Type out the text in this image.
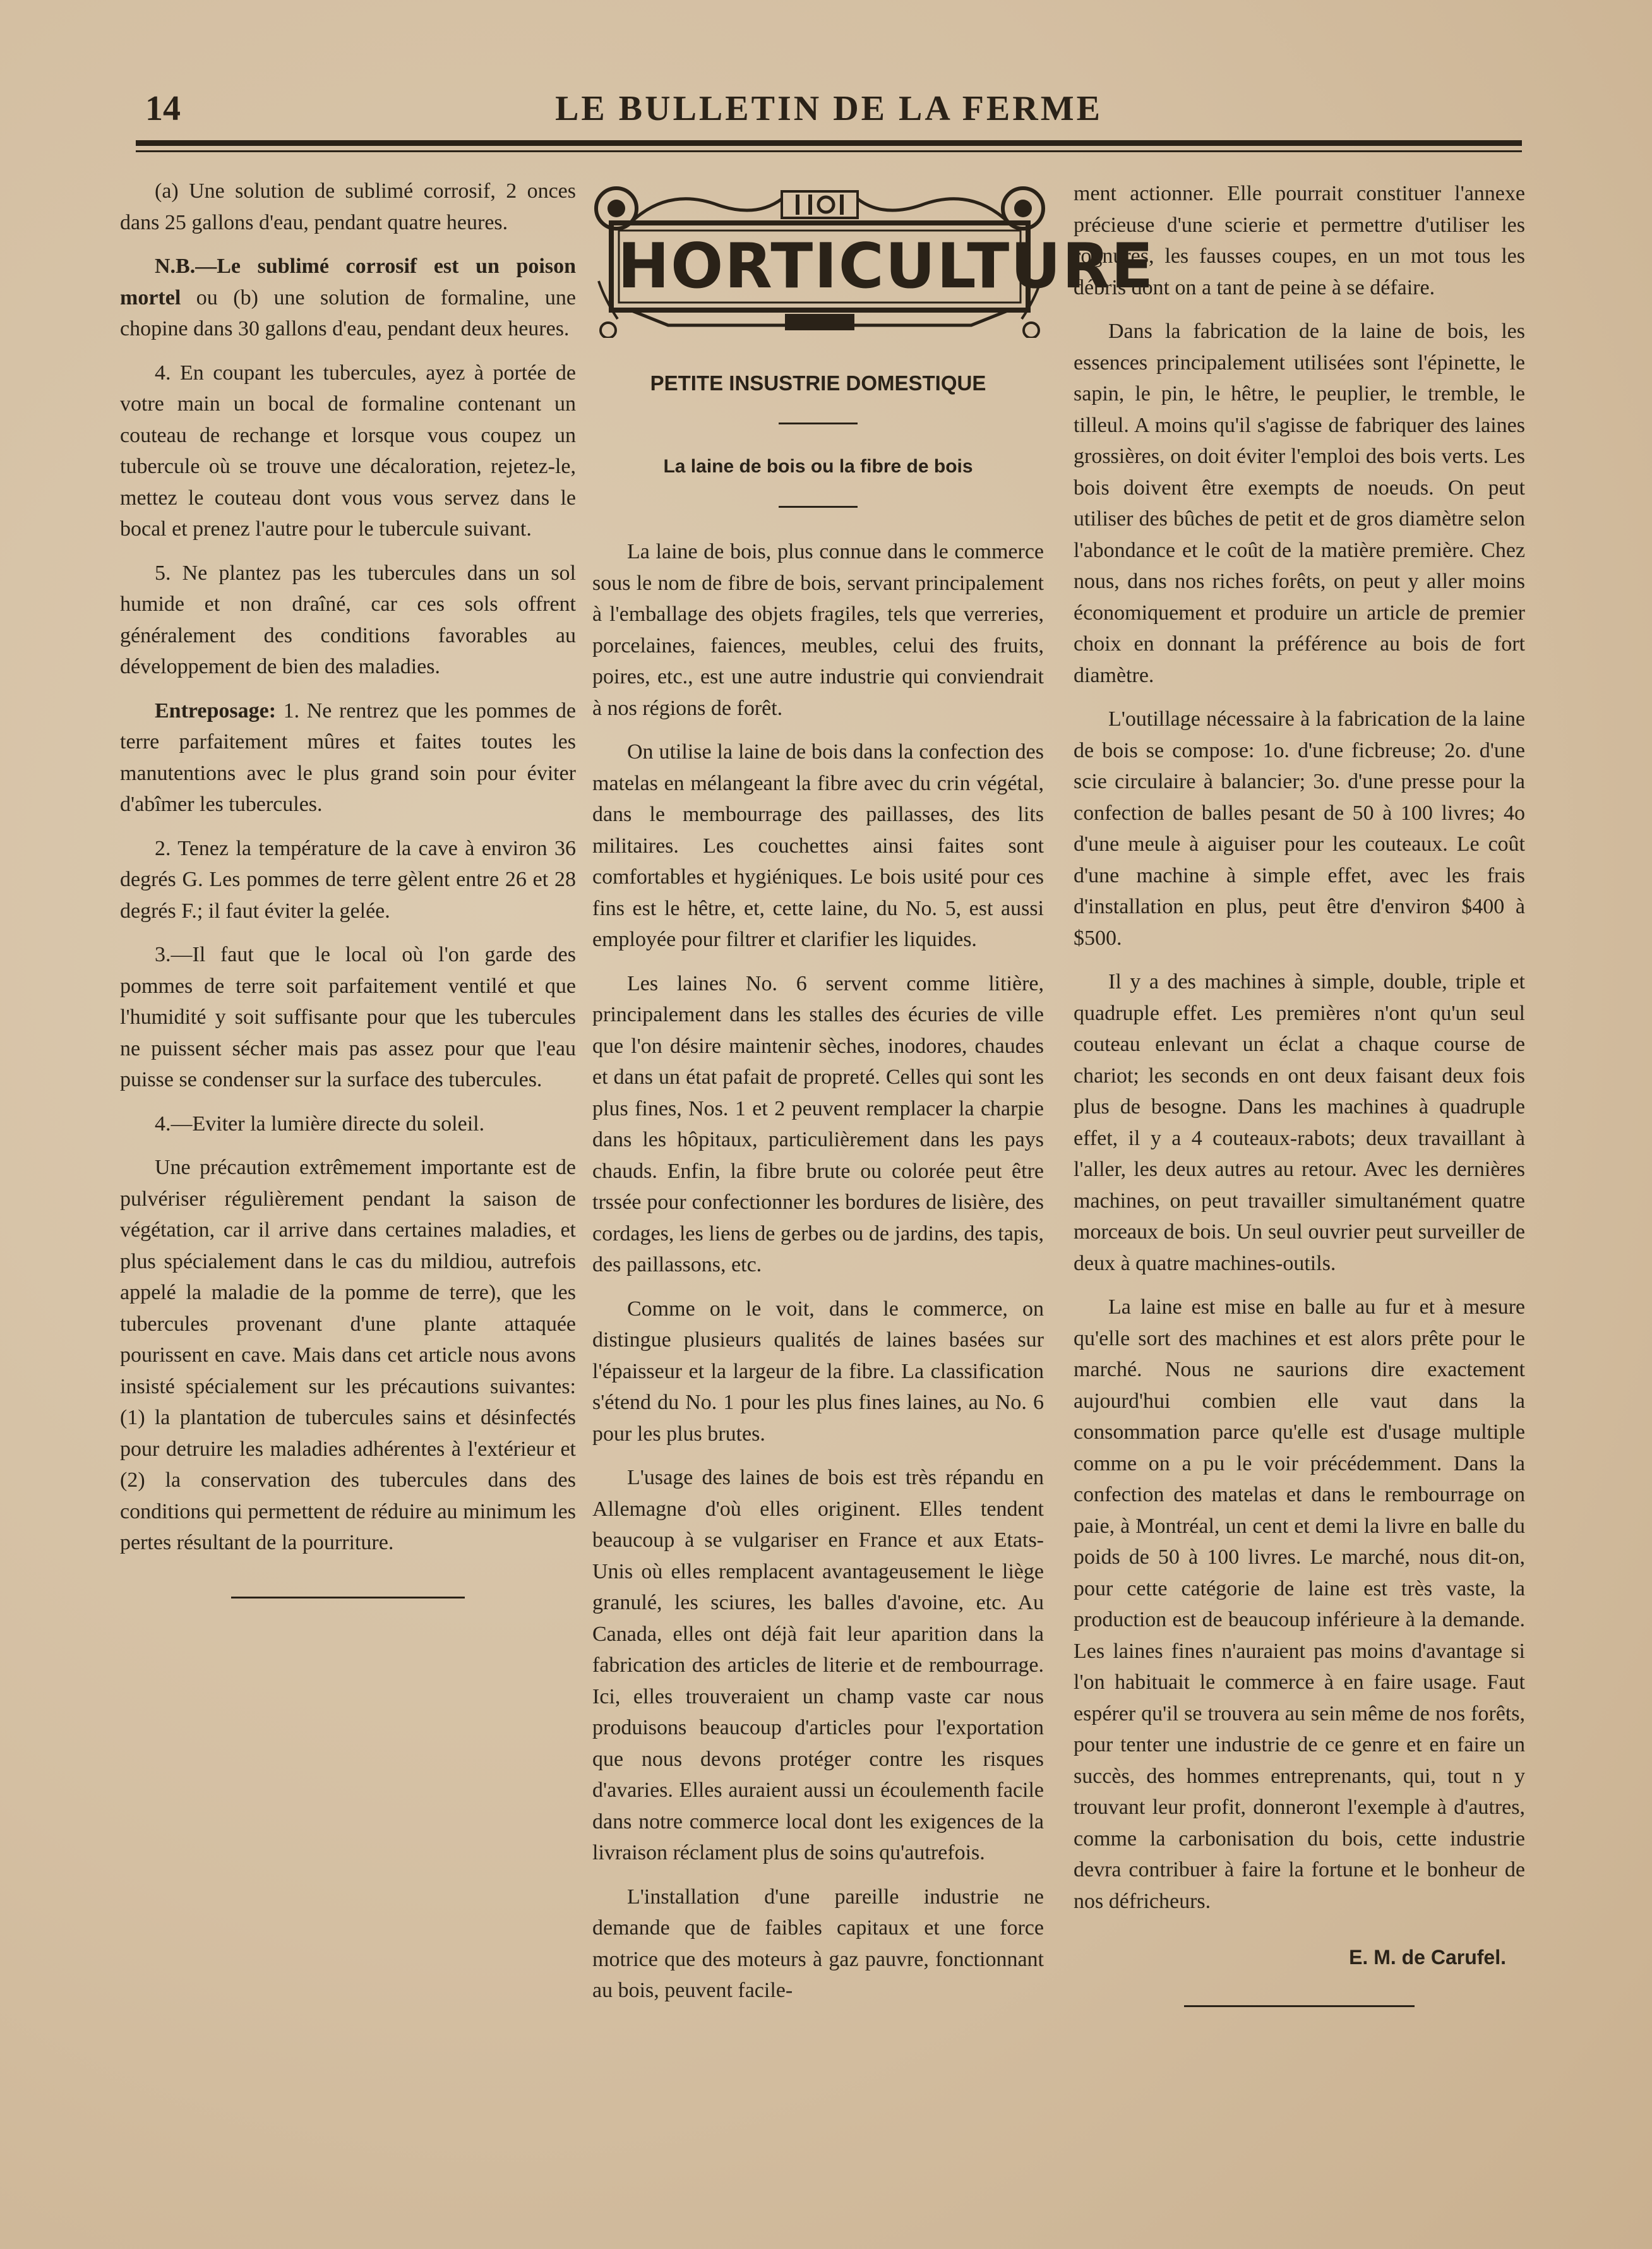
14	LE BULLETIN DE LA FERME

(a) Une solution de sublimé corrosif, 2 onces dans 25 gallons d'eau, pendant quatre heures.

N.B.—Le sublimé corrosif est un poison mortel ou (b) une solution de formaline, une chopine dans 30 gallons d'eau, pendant deux heures.

4. En coupant les tubercules, ayez à portée de votre main un bocal de formaline contenant un couteau de rechange et lorsque vous coupez un tubercule où se trouve une décaloration, rejetez-le, mettez le couteau dont vous vous servez dans le bocal et prenez l'autre pour le tubercule suivant.

5. Ne plantez pas les tubercules dans un sol humide et non draîné, car ces sols offrent généralement des conditions favorables au développement de bien des maladies.

Entreposage: 1. Ne rentrez que les pommes de terre parfaitement mûres et faites toutes les manutentions avec le plus grand soin pour éviter d'abîmer les tubercules.

2. Tenez la température de la cave à environ 36 degrés G. Les pommes de terre gèlent entre 26 et 28 degrés F.; il faut éviter la gelée.

3.—Il faut que le local où l'on garde des pommes de terre soit parfaitement ventilé et que l'humidité y soit suffisante pour que les tubercules ne puissent sécher mais pas assez pour que l'eau puisse se condenser sur la surface des tubercules.

4.—Eviter la lumière directe du soleil.

Une précaution extrêmement importante est de pulvériser régulièrement pendant la saison de végétation, car il arrive dans certaines maladies, et plus spécialement dans le cas du mildiou, autrefois appelé la maladie de la pomme de terre), que les tubercules provenant d'une plante attaquée pourissent en cave. Mais dans cet article nous avons insisté spécialement sur les précautions suivantes: (1) la plantation de tubercules sains et désinfectés pour detruire les maladies adhérentes à l'extérieur et (2) la conservation des tubercules dans des conditions qui permettent de réduire au minimum les pertes résultant de la pourriture.

HORTICULTURE
PETITE INSUSTRIE DOMESTIQUE
La laine de bois ou la fibre de bois

La laine de bois, plus connue dans le commerce sous le nom de fibre de bois, servant principalement à l'emballage des objets fragiles, tels que verreries, porcelaines, faiences, meubles, celui des fruits, poires, etc., est une autre industrie qui conviendrait à nos régions de forêt.

On utilise la laine de bois dans la confection des matelas en mélangeant la fibre avec du crin végétal, dans le membourrage des paillasses, des lits militaires. Les couchettes ainsi faites sont comfortables et hygiéniques. Le bois usité pour ces fins est le hêtre, et, cette laine, du No. 5, est aussi employée pour filtrer et clarifier les liquides.

Les laines No. 6 servent comme litière, principalement dans les stalles des écuries de ville que l'on désire maintenir sèches, inodores, chaudes et dans un état pafait de propreté. Celles qui sont les plus fines, Nos. 1 et 2 peuvent remplacer la charpie dans les hôpitaux, particulièrement dans les pays chauds. Enfin, la fibre brute ou colorée peut être trssée pour confectionner les bordures de lisière, des cordages, les liens de gerbes ou de jardins, des tapis, des paillassons, etc.

Comme on le voit, dans le commerce, on distingue plusieurs qualités de laines basées sur l'épaisseur et la largeur de la fibre. La classification s'étend du No. 1 pour les plus fines laines, au No. 6 pour les plus brutes.

L'usage des laines de bois est très répandu en Allemagne d'où elles originent. Elles tendent beaucoup à se vulgariser en France et aux Etats-Unis où elles remplacent avantageusement le liège granulé, les sciures, les balles d'avoine, etc. Au Canada, elles ont déjà fait leur aparition dans la fabrication des articles de literie et de rembourrage. Ici, elles trouveraient un champ vaste car nous produisons beaucoup d'articles pour l'exportation que nous devons protéger contre les risques d'avaries. Elles auraient aussi un écoulementh facile dans notre commerce local dont les exigences de la livraison réclament plus de soins qu'autrefois.

L'installation d'une pareille industrie ne demande que de faibles capitaux et une force motrice que des moteurs à gaz pauvre, fonctionnant au bois, peuvent facile-

ment actionner. Elle pourrait constituer l'annexe précieuse d'une scierie et permettre d'utiliser les rognures, les fausses coupes, en un mot tous les débris dont on a tant de peine à se défaire.

Dans la fabrication de la laine de bois, les essences principalement utilisées sont l'épinette, le sapin, le pin, le hêtre, le peuplier, le tremble, le tilleul. A moins qu'il s'agisse de fabriquer des laines grossières, on doit éviter l'emploi des bois verts. Les bois doivent être exempts de noeuds. On peut utiliser des bûches de petit et de gros diamètre selon l'abondance et le coût de la matière première. Chez nous, dans nos riches forêts, on peut y aller moins économiquement et produire un article de premier choix en donnant la préférence au bois de fort diamètre.

L'outillage nécessaire à la fabrication de la laine de bois se compose: 1o. d'une ficbreuse; 2o. d'une scie circulaire à balancier; 3o. d'une presse pour la confection de balles pesant de 50 à 100 livres; 4o d'une meule à aiguiser pour les couteaux. Le coût d'une machine à simple effet, avec les frais d'installation en plus, peut être d'environ $400 à $500.

Il y a des machines à simple, double, triple et quadruple effet. Les premières n'ont qu'un seul couteau enlevant un éclat a chaque course de chariot; les seconds en ont deux faisant deux fois plus de besogne. Dans les machines à quadruple effet, il y a 4 couteaux-rabots; deux travaillant à l'aller, les deux autres au retour. Avec les dernières machines, on peut travailler simultanément quatre morceaux de bois. Un seul ouvrier peut surveiller de deux à quatre machines-outils.

La laine est mise en balle au fur et à mesure qu'elle sort des machines et est alors prête pour le marché. Nous ne saurions dire exactement aujourd'hui combien elle vaut dans la consommation parce qu'elle est d'usage multiple comme on a pu le voir précédemment. Dans la confection des matelas et dans le rembourrage on paie, à Montréal, un cent et demi la livre en balle du poids de 50 à 100 livres. Le marché, nous dit-on, pour cette catégorie de laine est très vaste, la production est de beaucoup inférieure à la demande. Les laines fines n'auraient pas moins d'avantage si l'on habituait le commerce à en faire usage. Faut espérer qu'il se trouvera au sein même de nos forêts, pour tenter une industrie de ce genre et en faire un succès, des hommes entreprenants, qui, tout n y trouvant leur profit, donneront l'exemple à d'autres, comme la carbonisation du bois, cette industrie devra contribuer à faire la fortune et le bonheur de nos défricheurs.

E. M. de Carufel.
